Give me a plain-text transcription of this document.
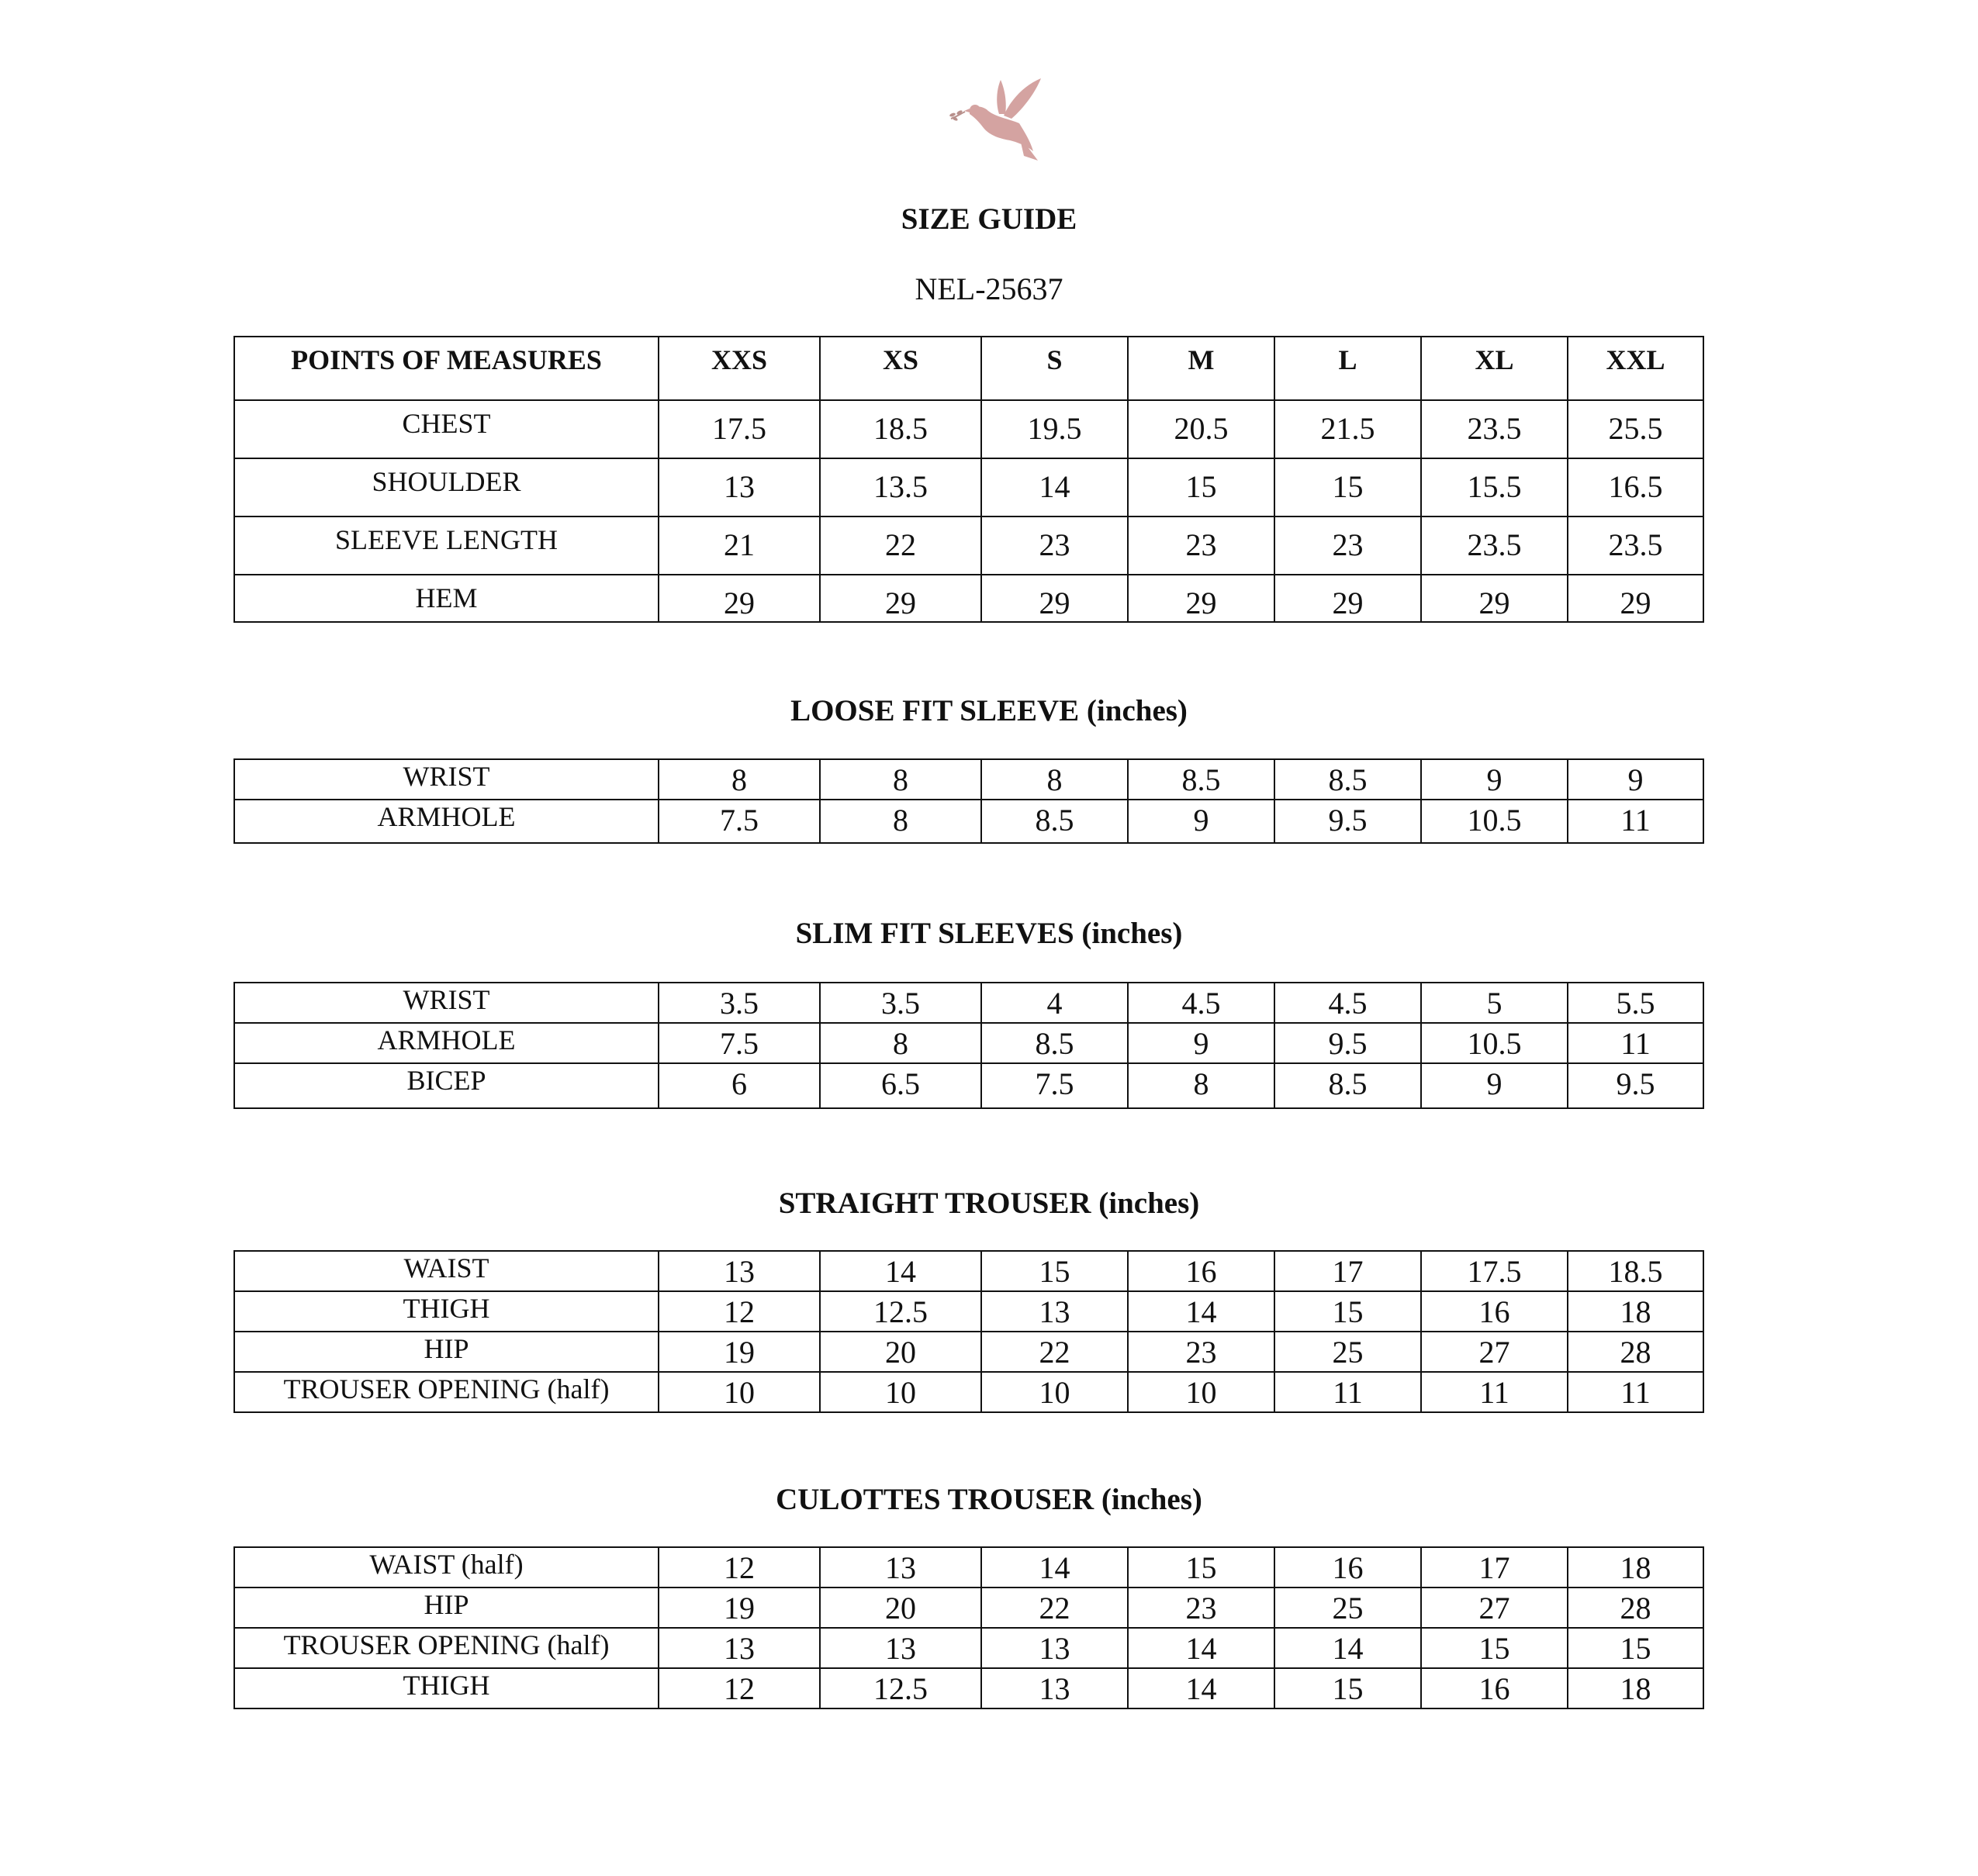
SIZE GUIDE
NEL-25637
POINTS OF MEASURES	XXS	XS	S	M	L	XL	XXL
CHEST	17.5	18.5	19.5	20.5	21.5	23.5	25.5
SHOULDER	13	13.5	14	15	15	15.5	16.5
SLEEVE LENGTH	21	22	23	23	23	23.5	23.5
HEM	29	29	29	29	29	29	29
LOOSE FIT SLEEVE (inches)
WRIST	8	8	8	8.5	8.5	9	9
ARMHOLE	7.5	8	8.5	9	9.5	10.5	11
SLIM FIT SLEEVES (inches)
WRIST	3.5	3.5	4	4.5	4.5	5	5.5
ARMHOLE	7.5	8	8.5	9	9.5	10.5	11
BICEP	6	6.5	7.5	8	8.5	9	9.5
STRAIGHT TROUSER (inches)
WAIST	13	14	15	16	17	17.5	18.5
THIGH	12	12.5	13	14	15	16	18
HIP	19	20	22	23	25	27	28
TROUSER OPENING (half)	10	10	10	10	11	11	11
CULOTTES TROUSER (inches)
WAIST (half)	12	13	14	15	16	17	18
HIP	19	20	22	23	25	27	28
TROUSER OPENING (half)	13	13	13	14	14	15	15
THIGH	12	12.5	13	14	15	16	18
